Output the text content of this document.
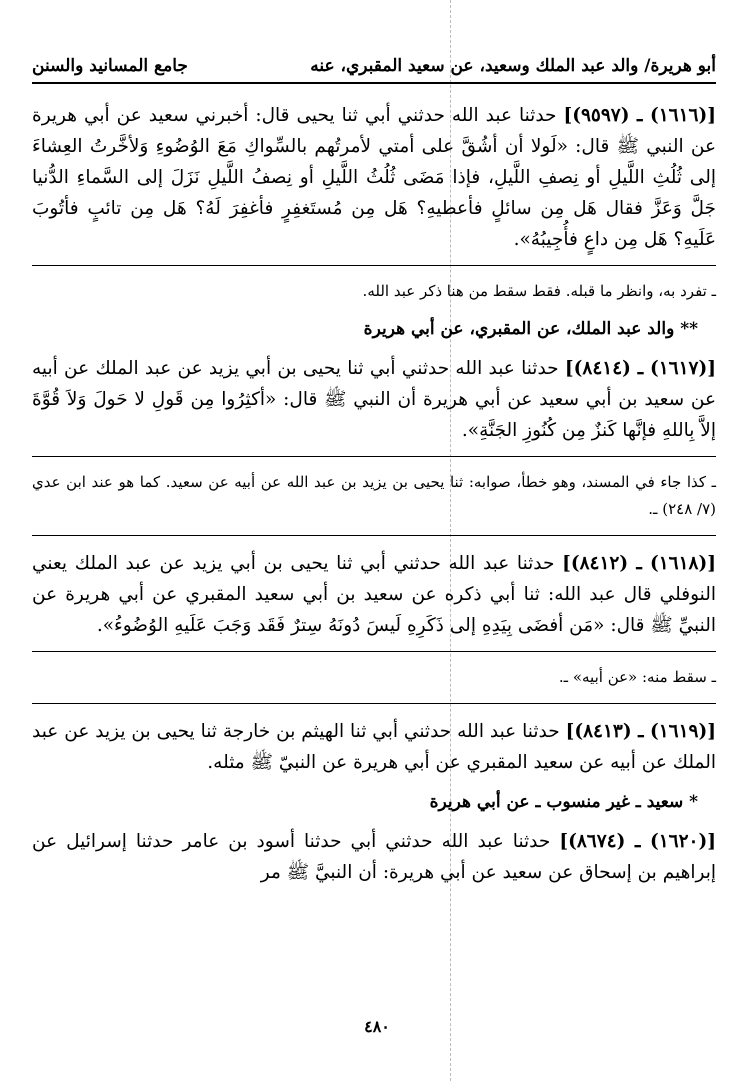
أبو هريرة/ والد عبد الملك وسعيد، عن سعيد المقبري، عنه
جامع المسانيد والسنن

[(١٦١٦) ـ (٩٥٩٧)] حدثنا عبد الله حدثني أبي ثنا يحيى قال: أخبرني سعيد عن أبي هريرة عن النبي ﷺ قال: «لَولا أن أشُقَّ على أمتي لأمرتُهم بالسِّواكِ مَعَ الوُضُوءِ وَلأخَّرتُ العِشاءَ إلى ثُلُثِ اللَّيلِ أو نِصفِ اللَّيلِ، فإذا مَضَى ثُلُثُ اللَّيلِ أو نِصفُ اللَّيلِ نَزَلَ إلى السَّماءِ الدُّنيا جَلَّ وَعَزَّ فقال هَل مِن سائلٍ فأعطيهِ؟ هَل مِن مُستَغفِرٍ فأغفِرَ لَهُ؟ هَل مِن تائبٍ فأتُوبَ عَلَيهِ؟ هَل مِن داعٍ فأُجِيبُهُ».

ـ تفرد به، وانظر ما قبله. فقط سقط من هنا ذكر عبد الله.

** والد عبد الملك، عن المقبري، عن أبي هريرة

[(١٦١٧) ـ (٨٤١٤)] حدثنا عبد الله حدثني أبي ثنا يحيى بن أبي يزيد عن عبد الملك عن أبيه عن سعيد بن أبي سعيد عن أبي هريرة أن النبي ﷺ قال: «أكثِرُوا مِن قَولِ لا حَولَ وَلاَ قُوَّةَ إلاَّ بِاللهِ فإنَّها كَنزٌ مِن كُنُوزِ الجَنَّةِ».

ـ كذا جاء في المسند، وهو خطأ، صوابه: ثنا يحيى بن يزيد بن عبد الله عن أبيه عن سعيد. كما هو عند ابن عدي (٧/ ٢٤٨) ـ.

[(١٦١٨) ـ (٨٤١٢)] حدثنا عبد الله حدثني أبي ثنا يحيى بن أبي يزيد عن عبد الملك يعني النوفلي قال عبد الله: ثنا أبي ذكره عن سعيد بن أبي سعيد المقبري عن أبي هريرة عن النبيِّ ﷺ قال: «مَن أفضَى بِيَدِهِ إلى ذَكَرِهِ لَيسَ دُونَهُ سِترٌ فَقَد وَجَبَ عَلَيهِ الوُضُوءُ».

ـ سقط منه: «عن أبيه» ـ.

[(١٦١٩) ـ (٨٤١٣)] حدثنا عبد الله حدثني أبي ثنا الهيثم بن خارجة ثنا يحيى بن يزيد عن عبد الملك عن أبيه عن سعيد المقبري عن أبي هريرة عن النبيّ ﷺ مثله.

* سعيد ـ غير منسوب ـ عن أبي هريرة

[(١٦٢٠) ـ (٨٦٧٤)] حدثنا عبد الله حدثني أبي حدثنا أسود بن عامر حدثنا إسرائيل عن إبراهيم بن إسحاق عن سعيد عن أبي هريرة: أن النبيَّ ﷺ مر

٤٨٠
